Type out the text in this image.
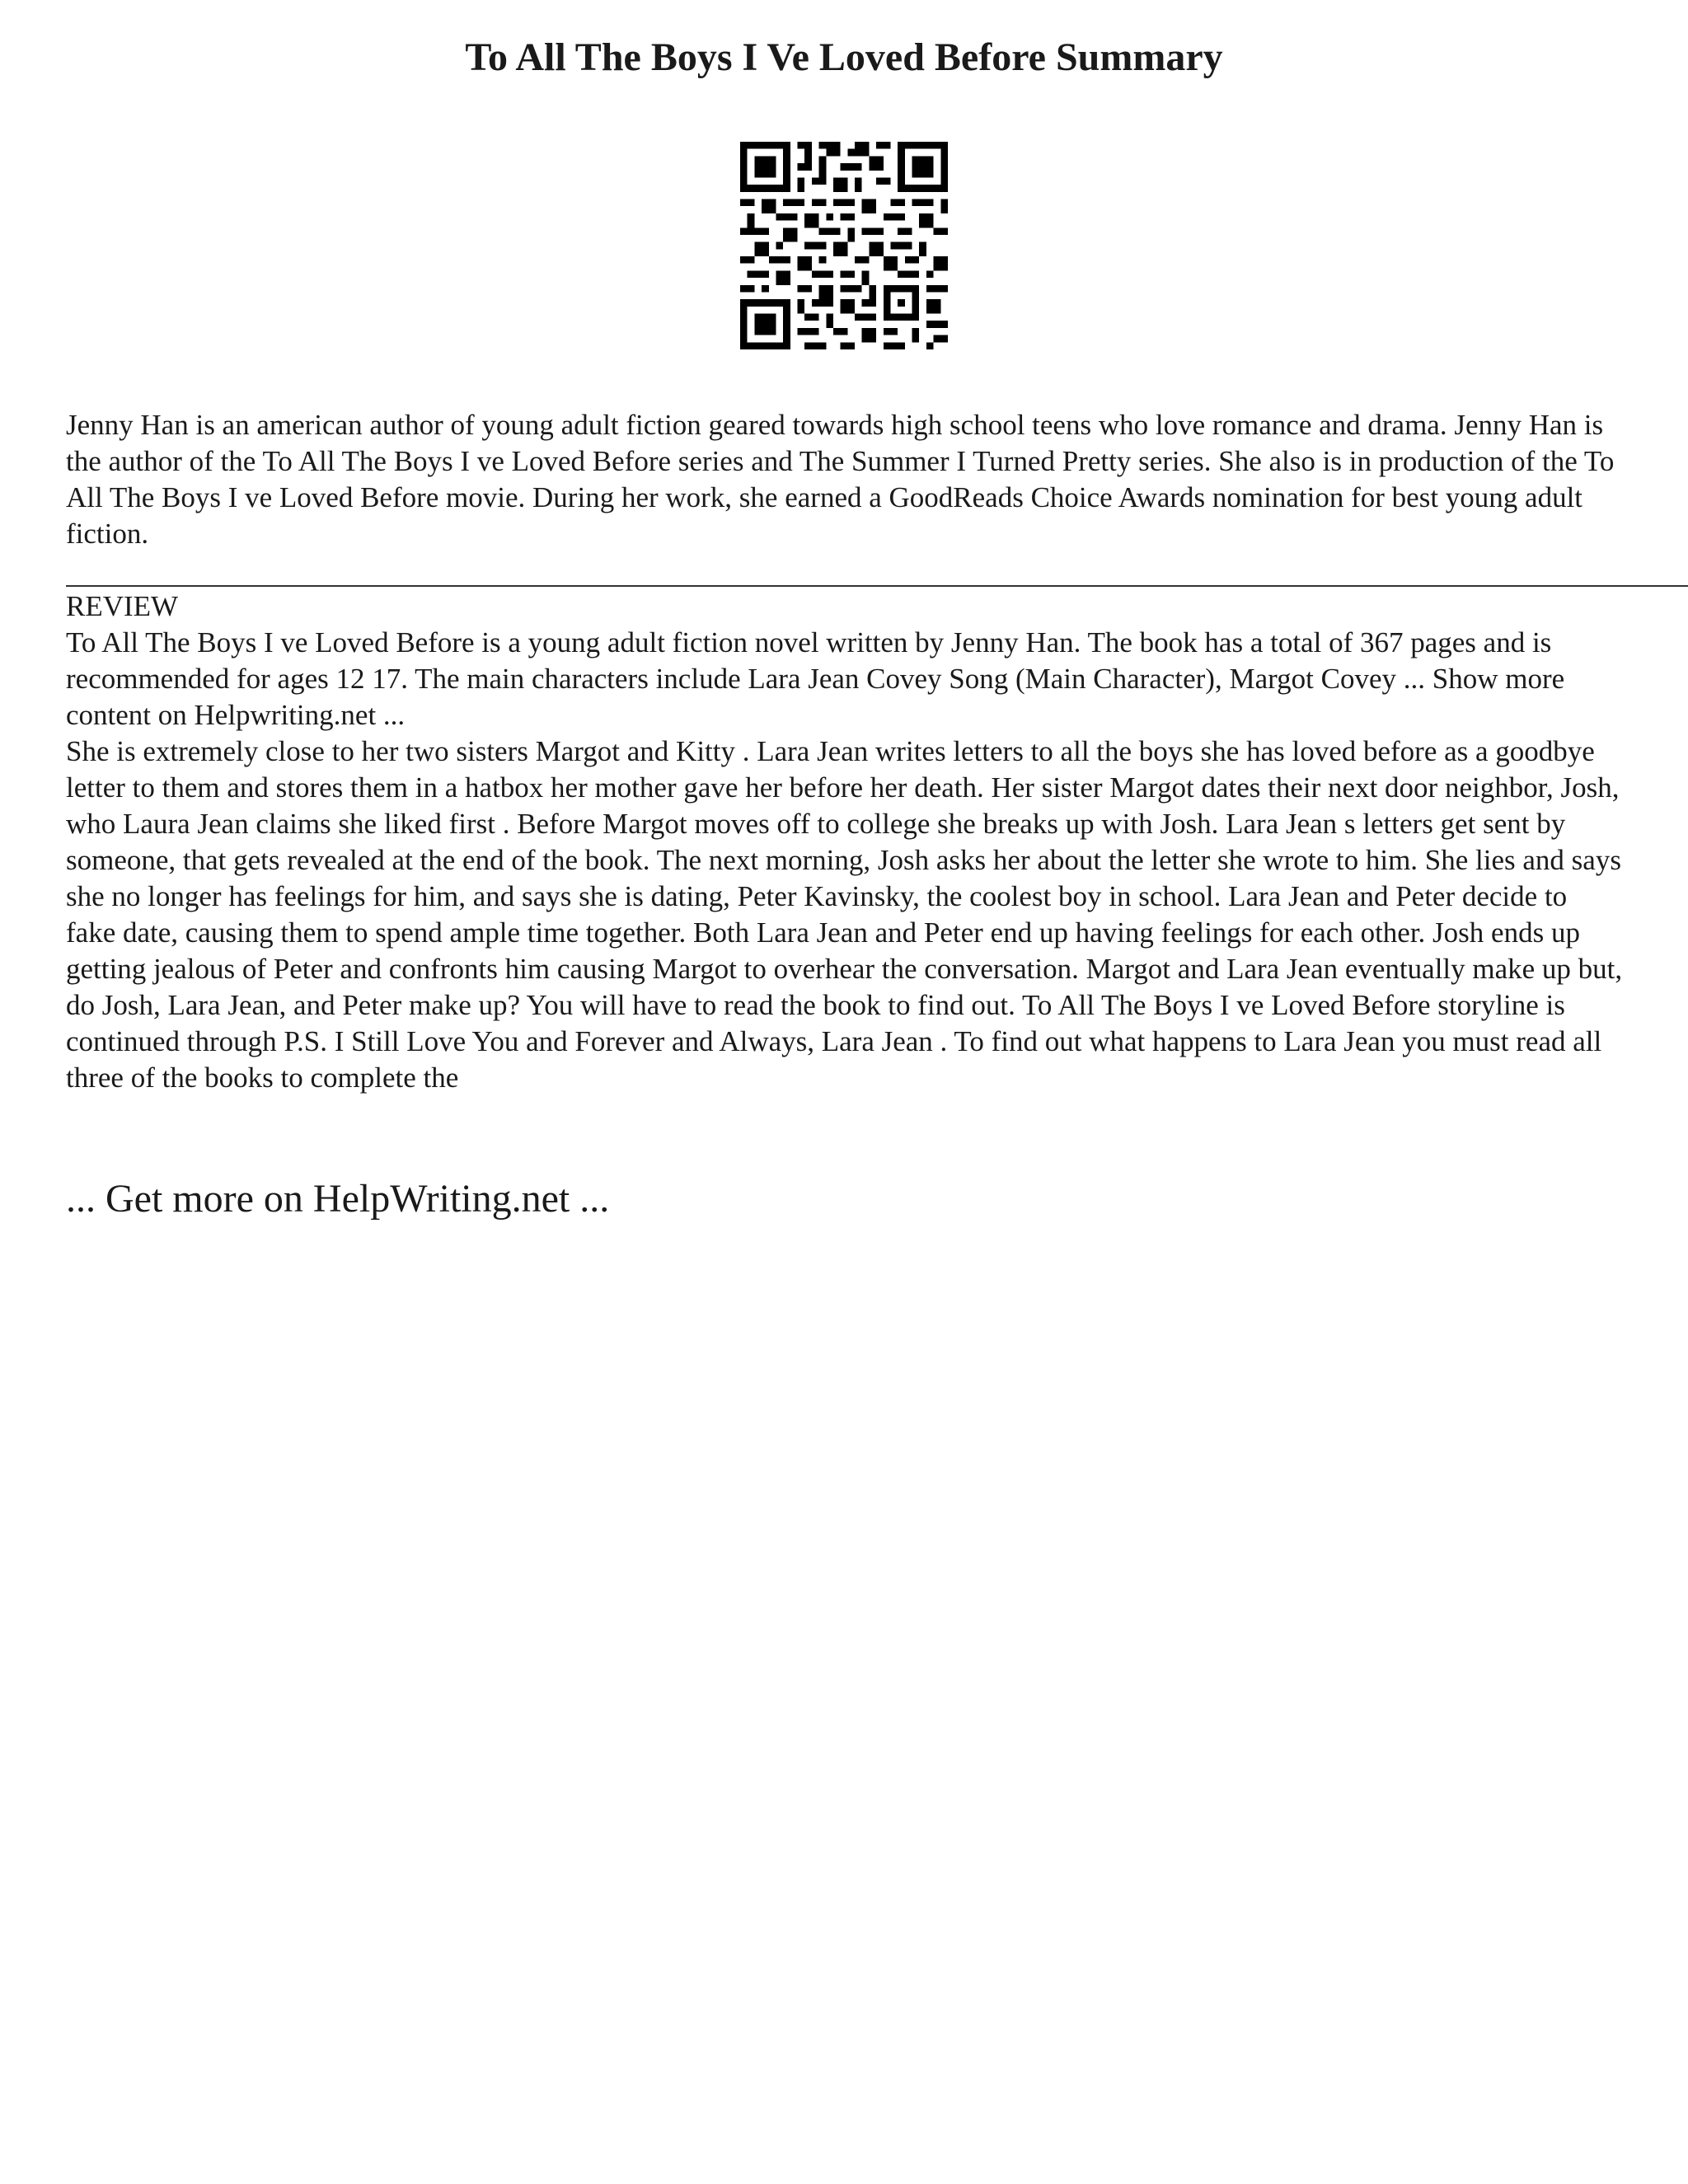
To All The Boys I Ve Loved Before Summary

Jenny Han is an american author of young adult fiction geared towards high school teens who love romance and drama. Jenny Han is the author of the To All The Boys I ve Loved Before series and The Summer I Turned Pretty series. She also is in production of the To All The Boys I ve Loved Before movie. During her work, she earned a GoodReads Choice Awards nomination for best young adult fiction.

REVIEW

To All The Boys I ve Loved Before is a young adult fiction novel written by Jenny Han. The book has a total of 367 pages and is recommended for ages 12 17. The main characters include Lara Jean Covey Song (Main Character), Margot Covey ... Show more content on Helpwriting.net ...

She is extremely close to her two sisters Margot and Kitty . Lara Jean writes letters to all the boys she has loved before as a goodbye letter to them and stores them in a hatbox her mother gave her before her death. Her sister Margot dates their next door neighbor, Josh, who Laura Jean claims she liked first . Before Margot moves off to college she breaks up with Josh. Lara Jean s letters get sent by someone, that gets revealed at the end of the book. The next morning, Josh asks her about the letter she wrote to him. She lies and says she no longer has feelings for him, and says she is dating, Peter Kavinsky, the coolest boy in school. Lara Jean and Peter decide to fake date, causing them to spend ample time together. Both Lara Jean and Peter end up having feelings for each other. Josh ends up getting jealous of Peter and confronts him causing Margot to overhear the conversation. Margot and Lara Jean eventually make up but, do Josh, Lara Jean, and Peter make up? You will have to read the book to find out. To All The Boys I ve Loved Before storyline is continued through P.S. I Still Love You and Forever and Always, Lara Jean . To find out what happens to Lara Jean you must read all three of the books to complete the

... Get more on HelpWriting.net ...
